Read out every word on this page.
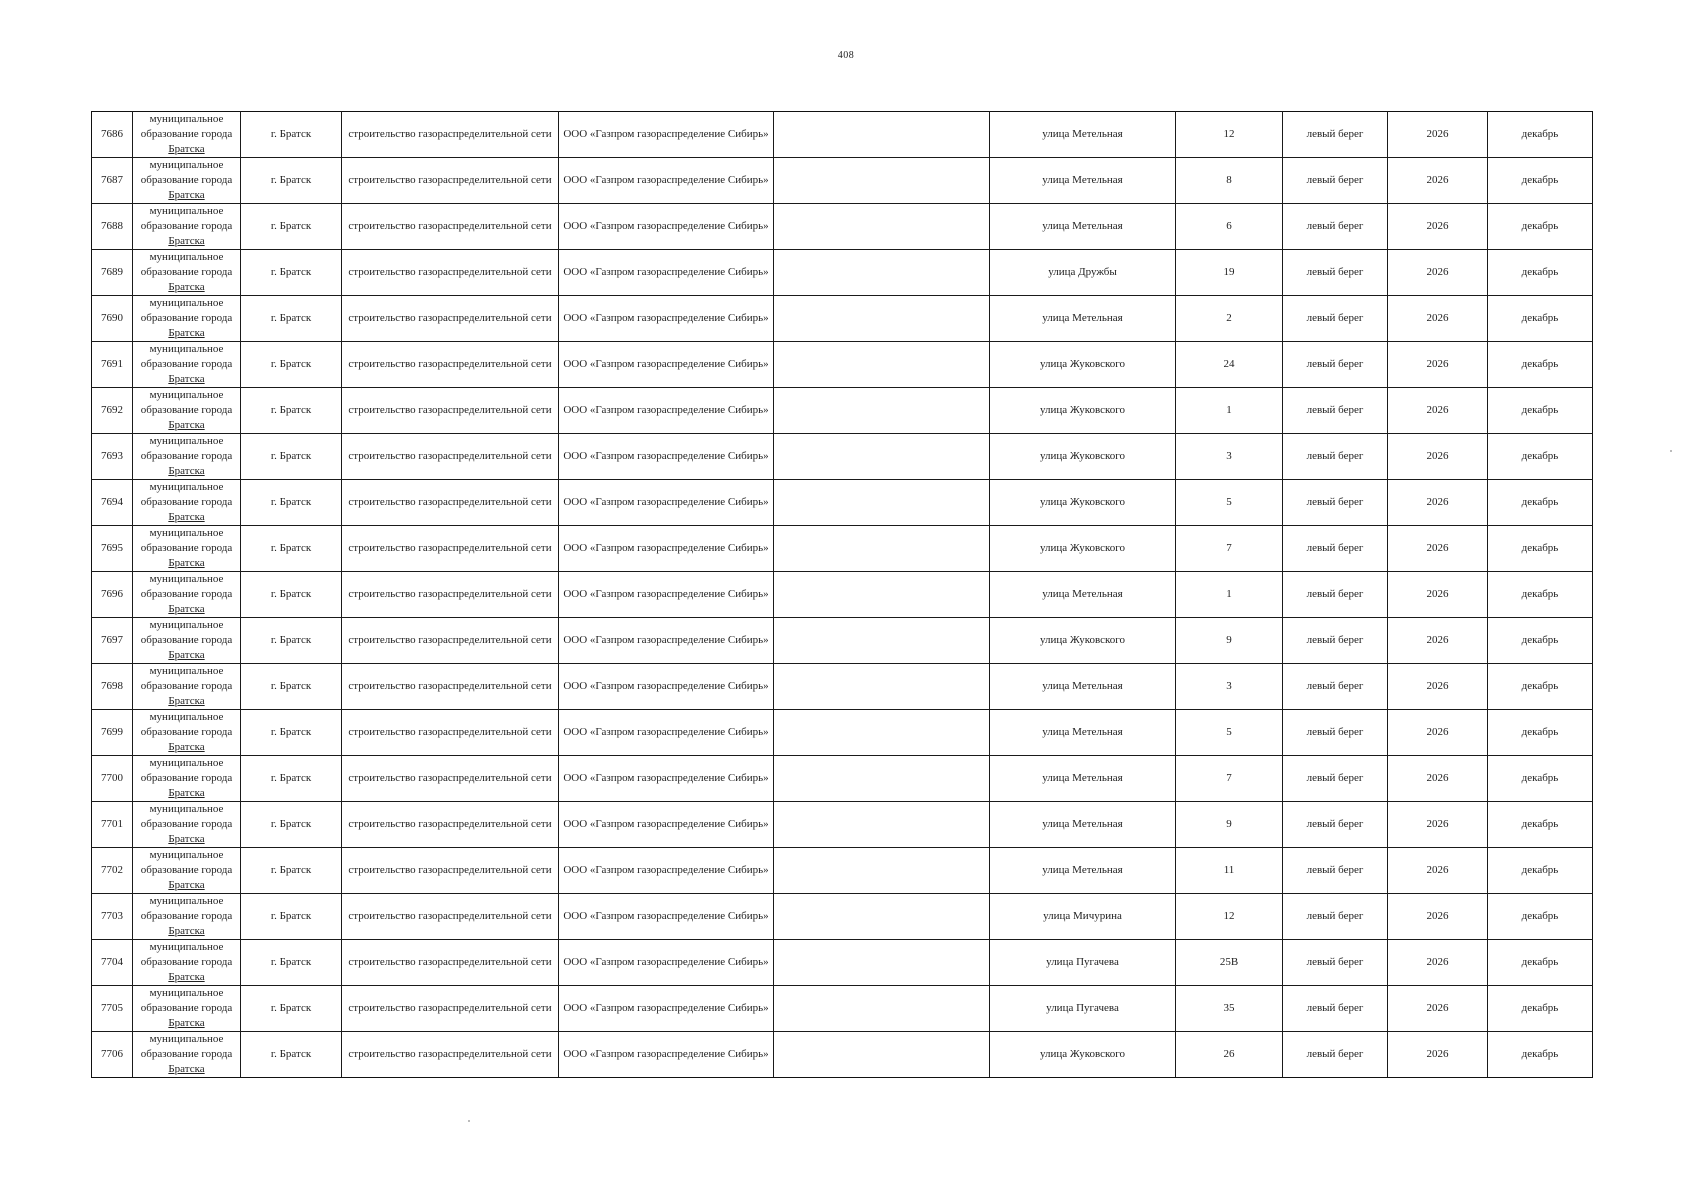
408
7686	муниципальное
образование города
Братска	г. Братск	строительство газораспределительной сети	ООО «Газпром газораспределение Сибирь»		улица Метельная	12	левый берег	2026	декабрь
7687	муниципальное
образование города
Братска	г. Братск	строительство газораспределительной сети	ООО «Газпром газораспределение Сибирь»		улица Метельная	8	левый берег	2026	декабрь
7688	муниципальное
образование города
Братска	г. Братск	строительство газораспределительной сети	ООО «Газпром газораспределение Сибирь»		улица Метельная	6	левый берег	2026	декабрь
7689	муниципальное
образование города
Братска	г. Братск	строительство газораспределительной сети	ООО «Газпром газораспределение Сибирь»		улица Дружбы	19	левый берег	2026	декабрь
7690	муниципальное
образование города
Братска	г. Братск	строительство газораспределительной сети	ООО «Газпром газораспределение Сибирь»		улица Метельная	2	левый берег	2026	декабрь
7691	муниципальное
образование города
Братска	г. Братск	строительство газораспределительной сети	ООО «Газпром газораспределение Сибирь»		улица Жуковского	24	левый берег	2026	декабрь
7692	муниципальное
образование города
Братска	г. Братск	строительство газораспределительной сети	ООО «Газпром газораспределение Сибирь»		улица Жуковского	1	левый берег	2026	декабрь
7693	муниципальное
образование города
Братска	г. Братск	строительство газораспределительной сети	ООО «Газпром газораспределение Сибирь»		улица Жуковского	3	левый берег	2026	декабрь
7694	муниципальное
образование города
Братска	г. Братск	строительство газораспределительной сети	ООО «Газпром газораспределение Сибирь»		улица Жуковского	5	левый берег	2026	декабрь
7695	муниципальное
образование города
Братска	г. Братск	строительство газораспределительной сети	ООО «Газпром газораспределение Сибирь»		улица Жуковского	7	левый берег	2026	декабрь
7696	муниципальное
образование города
Братска	г. Братск	строительство газораспределительной сети	ООО «Газпром газораспределение Сибирь»		улица Метельная	1	левый берег	2026	декабрь
7697	муниципальное
образование города
Братска	г. Братск	строительство газораспределительной сети	ООО «Газпром газораспределение Сибирь»		улица Жуковского	9	левый берег	2026	декабрь
7698	муниципальное
образование города
Братска	г. Братск	строительство газораспределительной сети	ООО «Газпром газораспределение Сибирь»		улица Метельная	3	левый берег	2026	декабрь
7699	муниципальное
образование города
Братска	г. Братск	строительство газораспределительной сети	ООО «Газпром газораспределение Сибирь»		улица Метельная	5	левый берег	2026	декабрь
7700	муниципальное
образование города
Братска	г. Братск	строительство газораспределительной сети	ООО «Газпром газораспределение Сибирь»		улица Метельная	7	левый берег	2026	декабрь
7701	муниципальное
образование города
Братска	г. Братск	строительство газораспределительной сети	ООО «Газпром газораспределение Сибирь»		улица Метельная	9	левый берег	2026	декабрь
7702	муниципальное
образование города
Братска	г. Братск	строительство газораспределительной сети	ООО «Газпром газораспределение Сибирь»		улица Метельная	11	левый берег	2026	декабрь
7703	муниципальное
образование города
Братска	г. Братск	строительство газораспределительной сети	ООО «Газпром газораспределение Сибирь»		улица Мичурина	12	левый берег	2026	декабрь
7704	муниципальное
образование города
Братска	г. Братск	строительство газораспределительной сети	ООО «Газпром газораспределение Сибирь»		улица Пугачева	25В	левый берег	2026	декабрь
7705	муниципальное
образование города
Братска	г. Братск	строительство газораспределительной сети	ООО «Газпром газораспределение Сибирь»		улица Пугачева	35	левый берег	2026	декабрь
7706	муниципальное
образование города
Братска	г. Братск	строительство газораспределительной сети	ООО «Газпром газораспределение Сибирь»		улица Жуковского	26	левый берег	2026	декабрь
